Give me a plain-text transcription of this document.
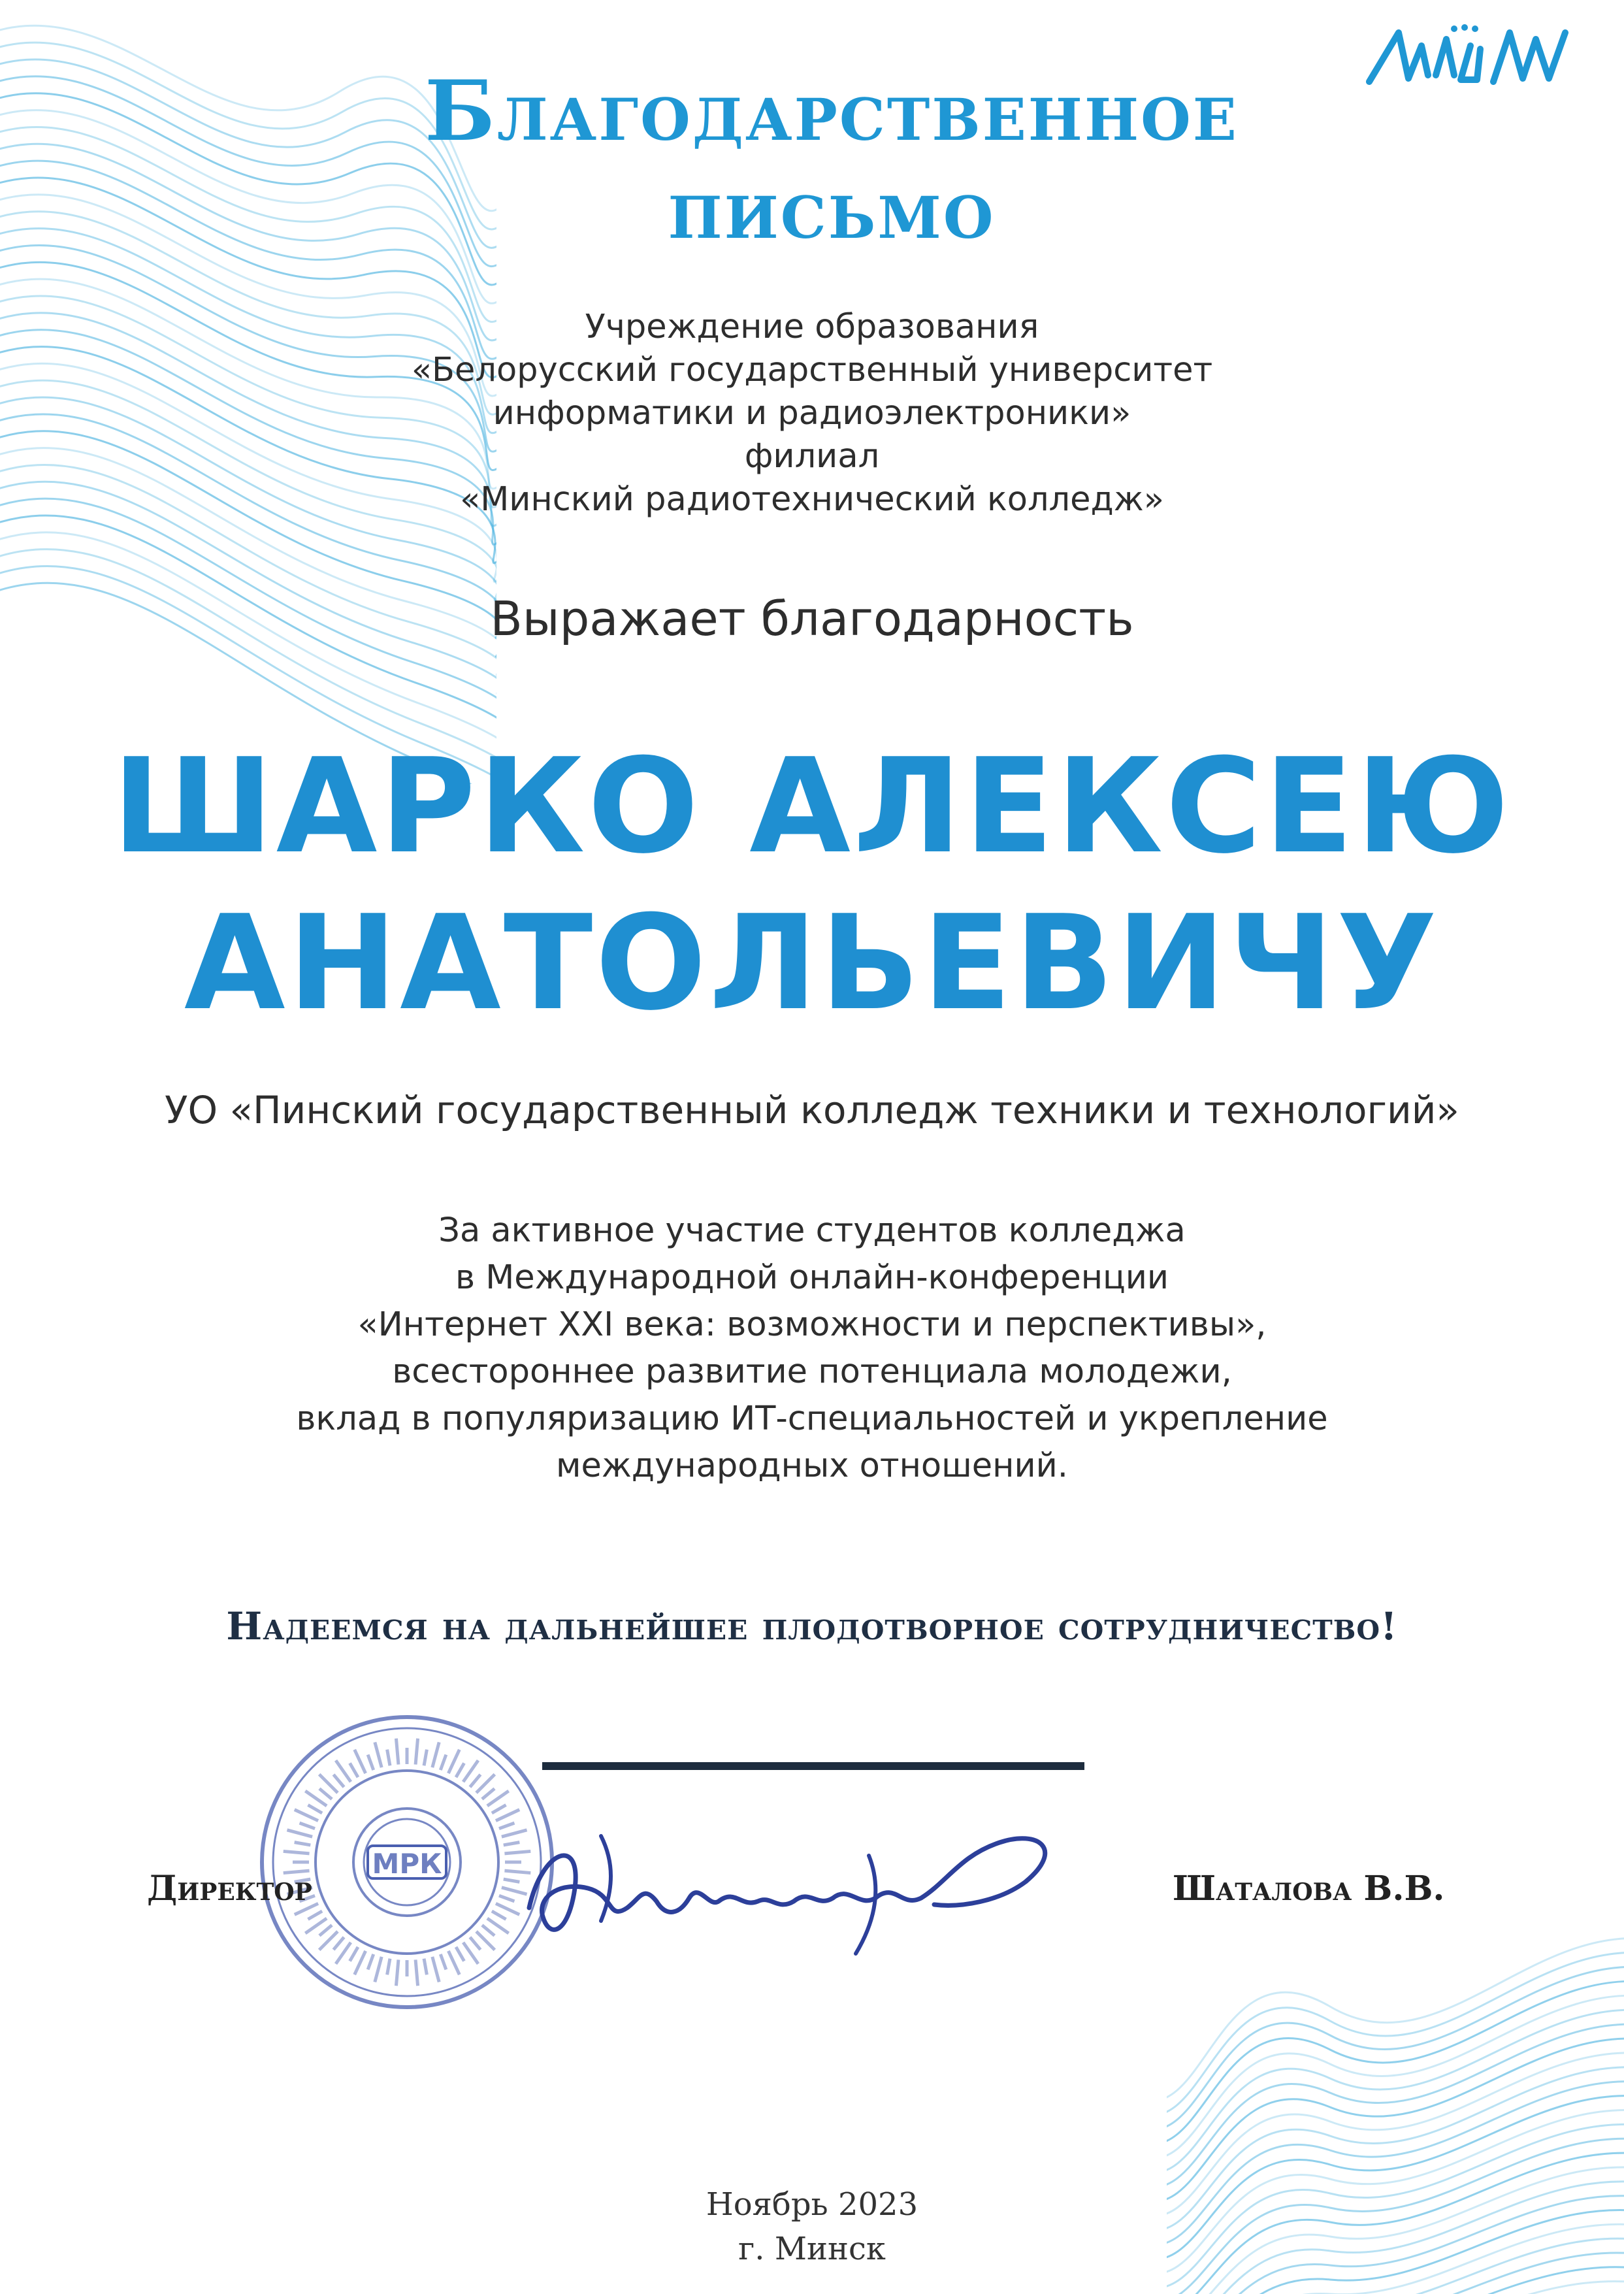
Благодарственное
письмо
Учреждение образования
«Белорусский государственный университет
информатики и радиоэлектроники»
филиал
«Минский радиотехнический колледж»
Выражает благодарность
ШАРКО АЛЕКСЕЮ
АНАТОЛЬЕВИЧУ
УО «Пинский государственный колледж техники и технологий»
За активное участие студентов колледжа
в Международной онлайн-конференции
«Интернет XXI века: возможности и перспективы»,
всестороннее развитие потенциала молодежи,
вклад в популяризацию ИТ-специальностей и укрепление
международных отношений.
Надеемся на дальнейшее плодотворное сотрудничество!
МРК
Директор	Шаталова В.В.
Ноябрь 2023
г. Минск
